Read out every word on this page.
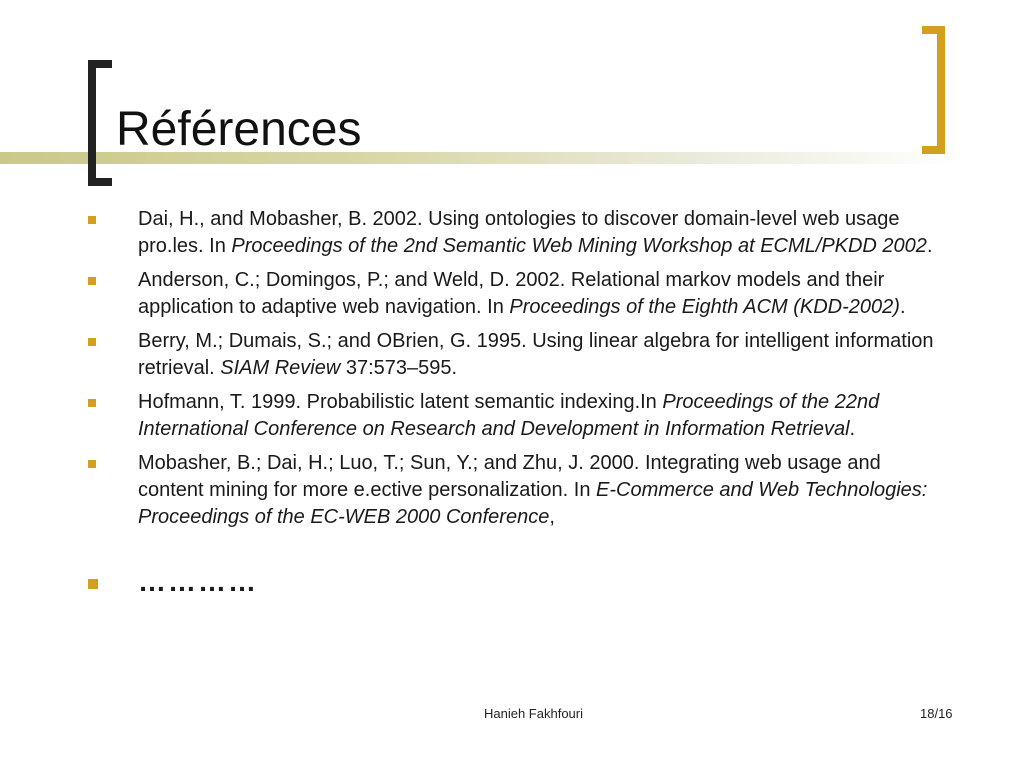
Références
Dai, H., and Mobasher, B. 2002. Using ontologies to discover domain-level web usage pro.les. In Proceedings of the 2nd Semantic Web Mining Workshop at ECML/PKDD 2002.
Anderson, C.; Domingos, P.; and Weld, D. 2002. Relational markov models and their application to adaptive web navigation. In Proceedings of the Eighth ACM (KDD-2002).
Berry, M.; Dumais, S.; and OBrien, G. 1995. Using linear algebra for intelligent information retrieval. SIAM Review 37:573–595.
Hofmann, T. 1999. Probabilistic latent semantic indexing.In Proceedings of the 22nd International Conference on Research and Development in Information Retrieval.
Mobasher, B.; Dai, H.; Luo, T.; Sun, Y.; and Zhu, J. 2000. Integrating web usage and content mining for more e.ective personalization. In E-Commerce and Web Technologies: Proceedings of the EC-WEB 2000 Conference,
…………
Hanieh Fakhfouri	18/16
